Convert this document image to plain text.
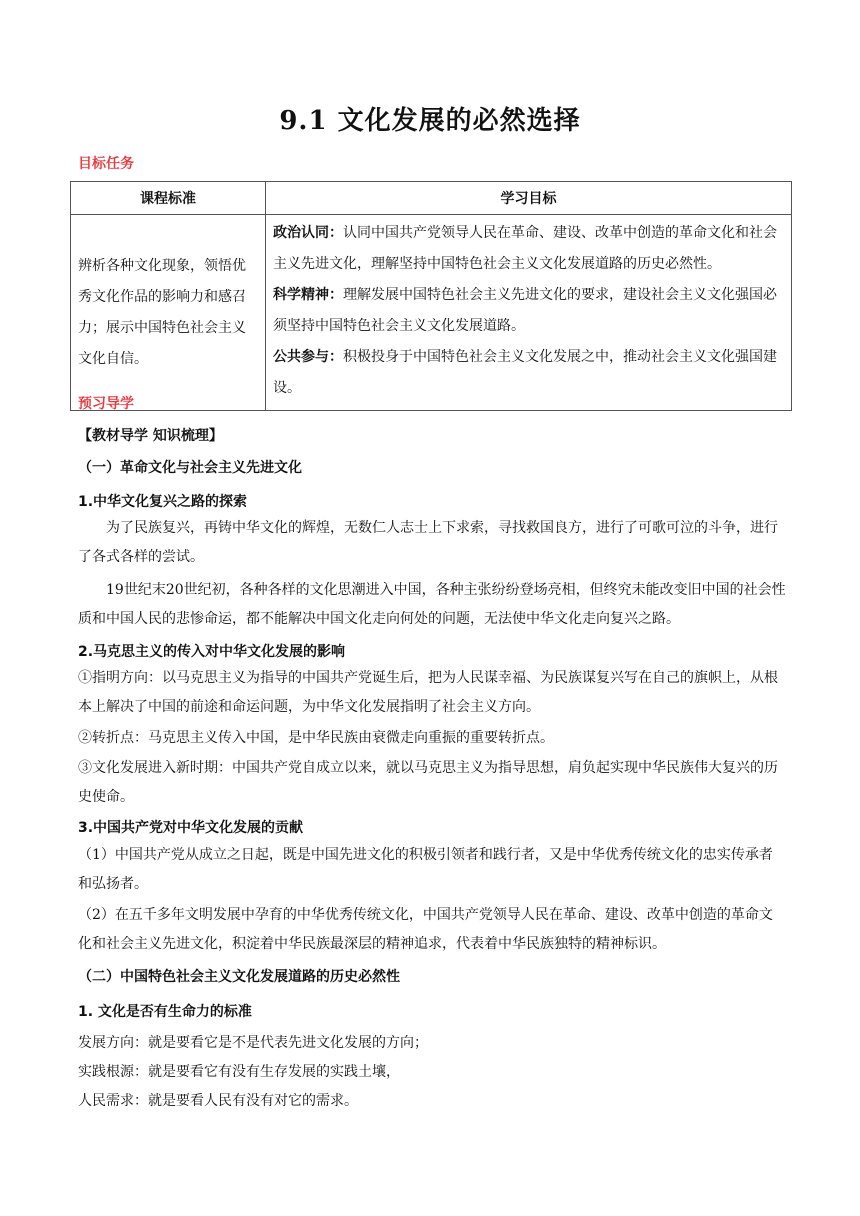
9.1 文化发展的必然选择
目标任务
课程标准	学习目标
辨析各种文化现象，领悟优秀文化作品的影响力和感召力；展示中国特色社会主义文化自信。	政治认同：认同中国共产党领导人民在革命、建设、改革中创造的革命文化和社会主义先进文化，理解坚持中国特色社会主义文化发展道路的历史必然性。
科学精神：理解发展中国特色社会主义先进文化的要求，建设社会主义文化强国必须坚持中国特色社会主义文化发展道路。
公共参与：积极投身于中国特色社会主义文化发展之中，推动社会主义文化强国建设。
预习导学
【教材导学 知识梳理】
（一）革命文化与社会主义先进文化
1.中华文化复兴之路的探索
为了民族复兴，再铸中华文化的辉煌，无数仁人志士上下求索，寻找救国良方，进行了可歌可泣的斗争，进行了各式各样的尝试。
19世纪末20世纪初，各种各样的文化思潮进入中国，各种主张纷纷登场亮相，但终究未能改变旧中国的社会性质和中国人民的悲惨命运，都不能解决中国文化走向何处的问题，无法使中华文化走向复兴之路。
2.马克思主义的传入对中华文化发展的影响
①指明方向：以马克思主义为指导的中国共产党诞生后，把为人民谋幸福、为民族谋复兴写在自己的旗帜上，从根本上解决了中国的前途和命运问题，为中华文化发展指明了社会主义方向。
②转折点：马克思主义传入中国，是中华民族由衰微走向重振的重要转折点。
③文化发展进入新时期：中国共产党自成立以来，就以马克思主义为指导思想，肩负起实现中华民族伟大复兴的历史使命。
3.中国共产党对中华文化发展的贡献
（1）中国共产党从成立之日起，既是中国先进文化的积极引领者和践行者，又是中华优秀传统文化的忠实传承者和弘扬者。
（2）在五千多年文明发展中孕育的中华优秀传统文化，中国共产党领导人民在革命、建设、改革中创造的革命文化和社会主义先进文化，积淀着中华民族最深层的精神追求，代表着中华民族独特的精神标识。
（二）中国特色社会主义文化发展道路的历史必然性
1. 文化是否有生命力的标准
发展方向：就是要看它是不是代表先进文化发展的方向；
实践根源：就是要看它有没有生存发展的实践土壤，
人民需求：就是要看人民有没有对它的需求。
